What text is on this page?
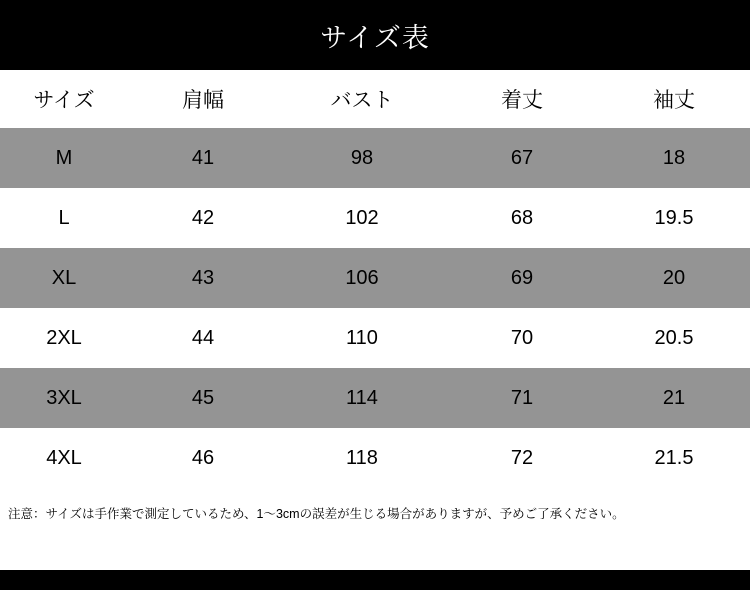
サイズ表
サイズ	肩幅	バスト	着丈	袖丈
M	41	98	67	18
L	42	102	68	19.5
XL	43	106	69	20
2XL	44	110	70	20.5
3XL	45	114	71	21
4XL	46	118	72	21.5
注意：サイズは手作業で測定しているため、1〜3cmの誤差が生じる場合がありますが、予めご了承ください。
